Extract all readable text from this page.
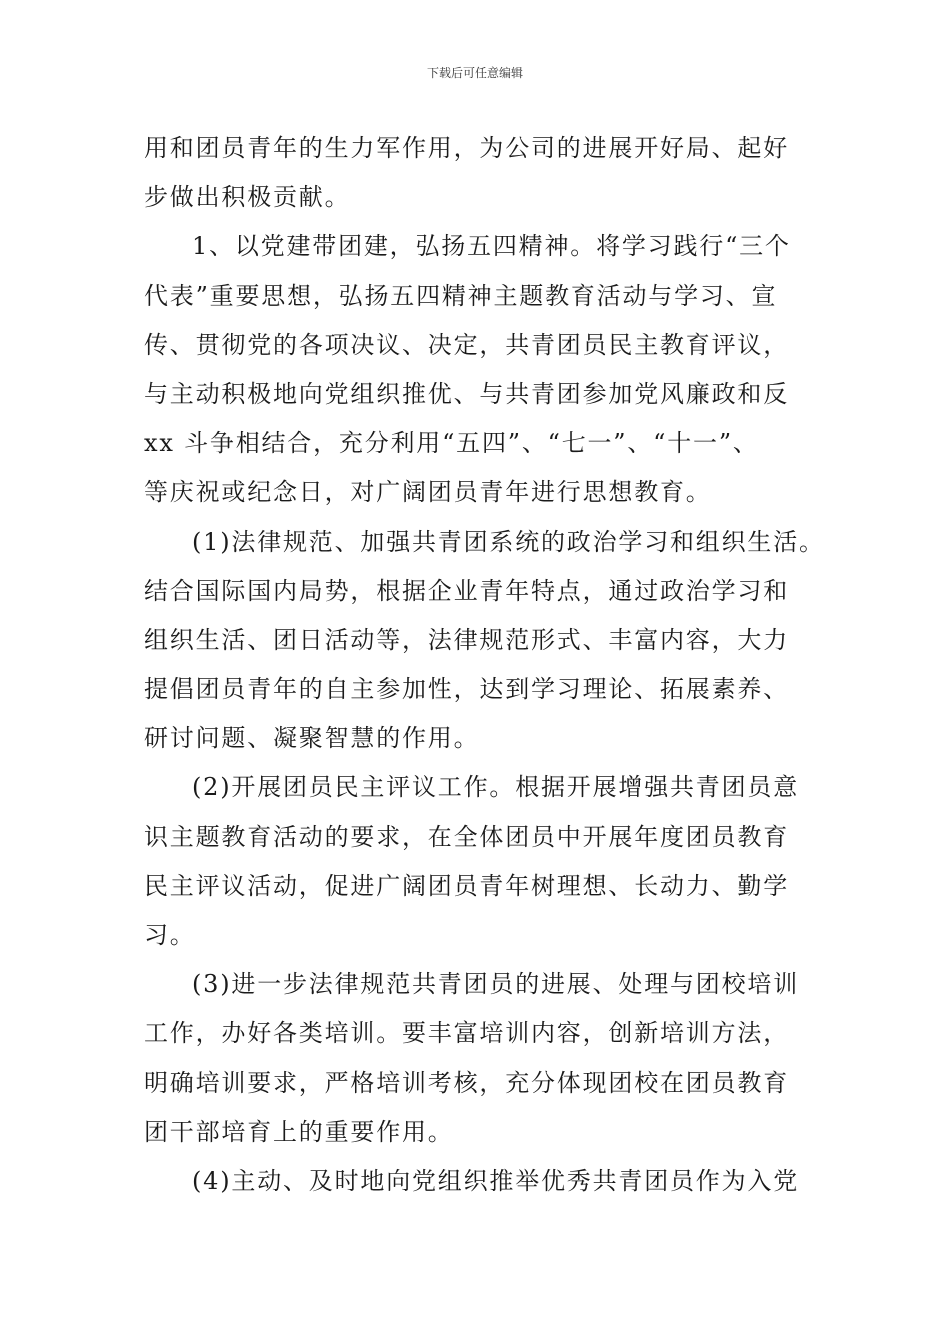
下载后可任意编辑
用和团员青年的生力军作用，为公司的进展开好局、起好
步做出积极贡献。
1、以党建带团建，弘扬五四精神。将学习践行“三个
代表”重要思想，弘扬五四精神主题教育活动与学习、宣
传、贯彻党的各项决议、决定，共青团员民主教育评议，
与主动积极地向党组织推优、与共青团参加党风廉政和反
xx 斗争相结合，充分利用“五四”、“七一”、“十一”、
等庆祝或纪念日，对广阔团员青年进行思想教育。
(1)法律规范、加强共青团系统的政治学习和组织生活。
结合国际国内局势，根据企业青年特点，通过政治学习和
组织生活、团日活动等，法律规范形式、丰富内容，大力
提倡团员青年的自主参加性，达到学习理论、拓展素养、
研讨问题、凝聚智慧的作用。
(2)开展团员民主评议工作。根据开展增强共青团员意
识主题教育活动的要求，在全体团员中开展年度团员教育
民主评议活动，促进广阔团员青年树理想、长动力、勤学
习。
(3)进一步法律规范共青团员的进展、处理与团校培训
工作，办好各类培训。要丰富培训内容，创新培训方法，
明确培训要求，严格培训考核，充分体现团校在团员教育
团干部培育上的重要作用。
(4)主动、及时地向党组织推举优秀共青团员作为入党
